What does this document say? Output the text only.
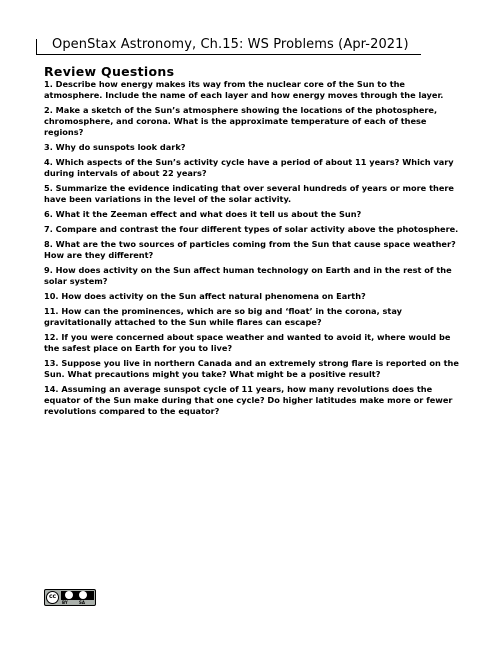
OpenStax Astronomy, Ch.15: WS Problems (Apr-2021)
Review Questions
1. Describe how energy makes its way from the nuclear core of the Sun to the atmosphere. Include the name of each layer and how energy moves through the layer.
2. Make a sketch of the Sun’s atmosphere showing the locations of the photosphere, chromosphere, and corona. What is the approximate temperature of each of these regions?
3. Why do sunspots look dark?
4. Which aspects of the Sun’s activity cycle have a period of about 11 years? Which vary during intervals of about 22 years?
5. Summarize the evidence indicating that over several hundreds of years or more there have been variations in the level of the solar activity.
6. What it the Zeeman effect and what does it tell us about the Sun?
7. Compare and contrast the four different types of solar activity above the photosphere.
8. What are the two sources of particles coming from the Sun that cause space weather? How are they different?
9. How does activity on the Sun affect human technology on Earth and in the rest of the solar system?
10. How does activity on the Sun affect natural phenomena on Earth?
11. How can the prominences, which are so big and ‘float’ in the corona, stay gravitationally attached to the Sun while flares can escape?
12. If you were concerned about space weather and wanted to avoid it, where would be the safest place on Earth for you to live?
13. Suppose you live in northern Canada and an extremely strong flare is reported on the Sun. What precautions might you take? What might be a positive result?
14. Assuming an average sunspot cycle of 11 years, how many revolutions does the equator of the Sun make during that one cycle? Do higher latitudes make more or fewer revolutions compared to the equator?
cc
BY	SA
